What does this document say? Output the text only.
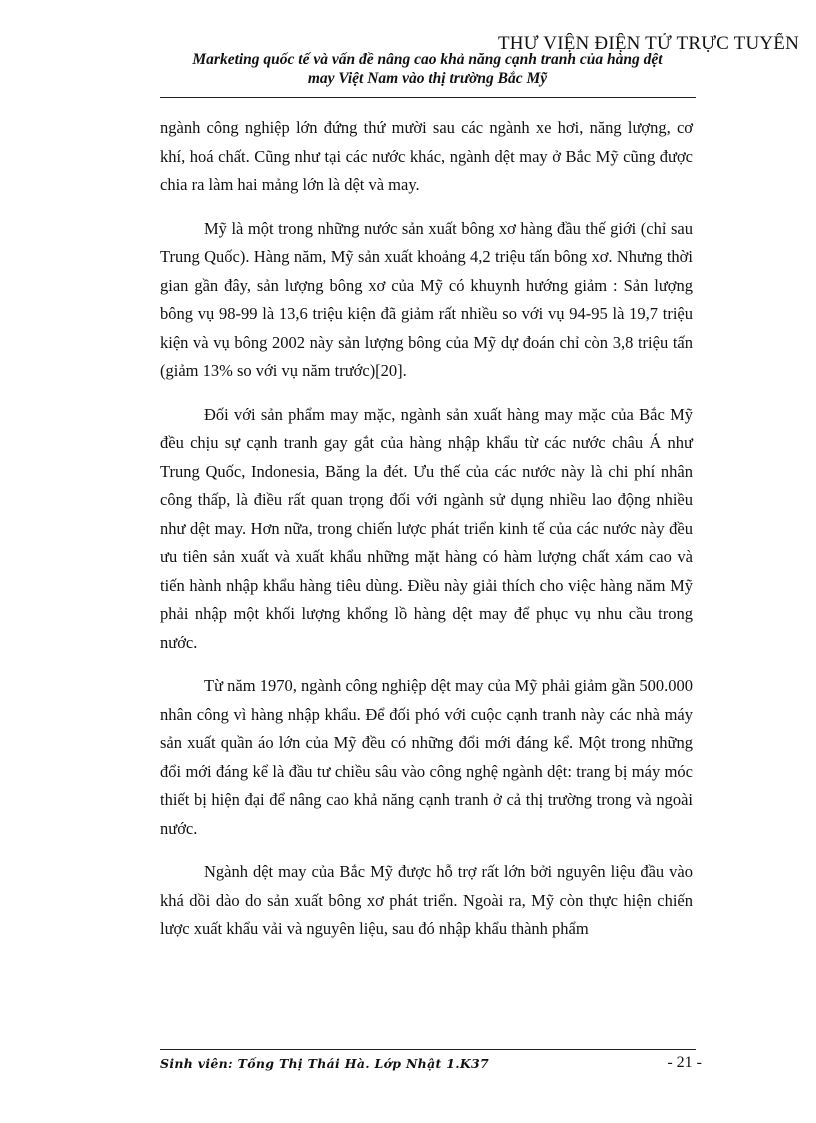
THƯ VIỆN ĐIỆN TỬ TRỰC TUYẾN
Marketing quốc tế và vấn đề nâng cao khả năng cạnh tranh của hàng dệt
may Việt Nam vào thị trường Bắc Mỹ

ngành công nghiệp lớn đứng thứ mười sau các ngành xe hơi, năng lượng, cơ khí, hoá chất. Cũng như tại các nước khác, ngành dệt may ở Bắc Mỹ cũng được chia ra làm hai mảng lớn là dệt và may.

Mỹ là một trong những nước sản xuất bông xơ hàng đầu thế giới (chỉ sau Trung Quốc). Hàng năm, Mỹ sản xuất khoảng 4,2 triệu tấn bông xơ. Nhưng thời gian gần đây, sản lượng bông xơ của Mỹ có khuynh hướng giảm : Sản lượng bông vụ 98-99 là 13,6 triệu kiện đã giảm rất nhiều so với vụ 94-95 là 19,7 triệu kiện và vụ bông 2002 này sản lượng bông của Mỹ dự đoán chỉ còn 3,8 triệu tấn (giảm 13% so với vụ năm trước)[20].

Đối với sản phẩm may mặc, ngành sản xuất hàng may mặc của Bắc Mỹ đều chịu sự cạnh tranh gay gắt của hàng nhập khẩu từ các nước châu Á như Trung Quốc, Indonesia, Băng la đét. Ưu thế của các nước này là chi phí nhân công thấp, là điều rất quan trọng đối với ngành sử dụng nhiều lao động nhiều như dệt may. Hơn nữa, trong chiến lược phát triển kinh tế của các nước này đều ưu tiên sản xuất và xuất khẩu những mặt hàng có hàm lượng chất xám cao và tiến hành nhập khẩu hàng tiêu dùng. Điều này giải thích cho việc hàng năm Mỹ phải nhập một khối lượng khổng lồ hàng dệt may để phục vụ nhu cầu trong nước.

Từ năm 1970, ngành công nghiệp dệt may của Mỹ phải giảm gần 500.000 nhân công vì hàng nhập khẩu. Để đối phó với cuộc cạnh tranh này các nhà máy sản xuất quần áo lớn của Mỹ đều có những đổi mới đáng kể. Một trong những đổi mới đáng kể là đầu tư chiều sâu vào công nghệ ngành dệt: trang bị máy móc thiết bị hiện đại để nâng cao khả năng cạnh tranh ở cả thị trường trong và ngoài nước.

Ngành dệt may của Bắc Mỹ được hỗ trợ rất lớn bởi nguyên liệu đầu vào khá dồi dào do sản xuất bông xơ phát triển. Ngoài ra, Mỹ còn thực hiện chiến lược xuất khẩu vải và nguyên liệu, sau đó nhập khẩu thành phẩm

Sinh viên: Tống Thị Thái Hà. Lớp Nhật 1.K37	- 21 -
